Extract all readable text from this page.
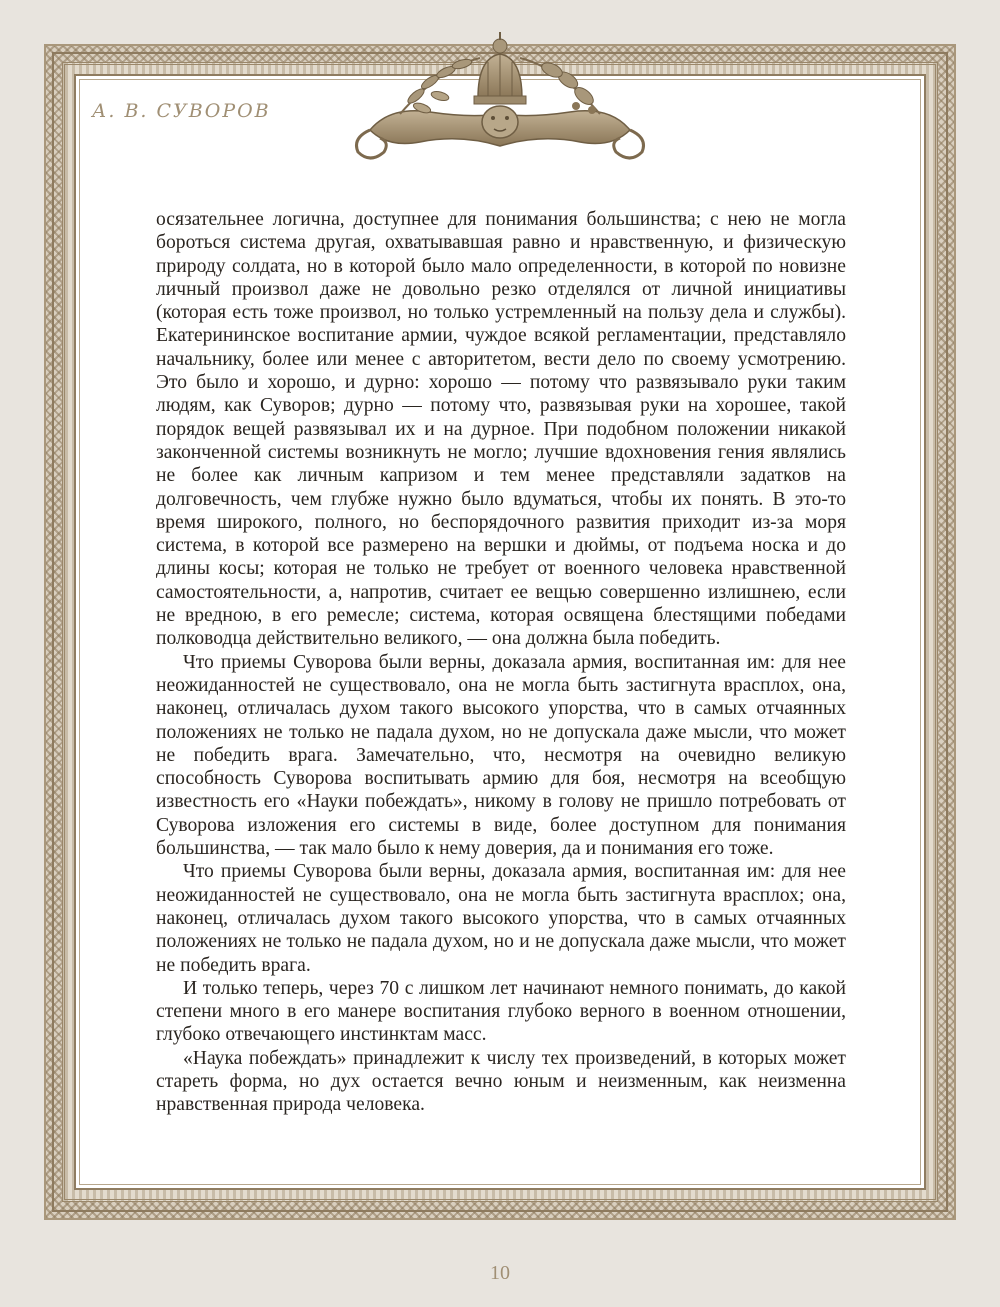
А. В. СУВОРОВ

осязательнее логична, доступнее для понимания большинства; с нею не могла бороться система другая, охватывавшая равно и нравственную, и физическую природу солдата, но в которой было мало определенности, в которой по новизне личный произвол даже не довольно резко отделялся от личной инициативы (которая есть тоже произвол, но только устремленный на пользу дела и службы). Екатерининское воспитание армии, чуждое всякой регламентации, представляло начальнику, более или менее с авторитетом, вести дело по своему усмотрению. Это было и хорошо, и дурно: хорошо — потому что развязывало руки таким людям, как Суворов; дурно — потому что, развязывая руки на хорошее, такой порядок вещей развязывал их и на дурное. При подобном положении никакой законченной системы возникнуть не могло; лучшие вдохновения гения являлись не более как личным капризом и тем менее представляли задатков на долговечность, чем глубже нужно было вдуматься, чтобы их понять. В это-то время широкого, полного, но беспорядочного развития приходит из-за моря система, в которой все размерено на вершки и дюймы, от подъема носка и до длины косы; которая не только не требует от военного человека нравственной самостоятельности, а, напротив, считает ее вещью совершенно излишнею, если не вредною, в его ремесле; система, которая освящена блестящими победами полководца действительно великого, — она должна была победить.

Что приемы Суворова были верны, доказала армия, воспитанная им: для нее неожиданностей не существовало, она не могла быть застигнута врасплох, она, наконец, отличалась духом такого высокого упорства, что в самых отчаянных положениях не только не падала духом, но не допускала даже мысли, что может не победить врага. Замечательно, что, несмотря на очевидно великую способность Суворова воспитывать армию для боя, несмотря на всеобщую известность его «Науки побеждать», никому в голову не пришло потребовать от Суворова изложения его системы в виде, более доступном для понимания большинства, — так мало было к нему доверия, да и понимания его тоже.

Что приемы Суворова были верны, доказала армия, воспитанная им: для нее неожиданностей не существовало, она не могла быть застигнута врасплох; она, наконец, отличалась духом такого высокого упорства, что в самых отчаянных положениях не только не падала духом, но и не допускала даже мысли, что может не победить врага.

И только теперь, через 70 с лишком лет начинают немного понимать, до какой степени много в его манере воспитания глубоко верного в военном отношении, глубоко отвечающего инстинктам масс.

«Наука побеждать» принадлежит к числу тех произведений, в которых может стареть форма, но дух остается вечно юным и неизменным, как неизменна нравственная природа человека.

10
